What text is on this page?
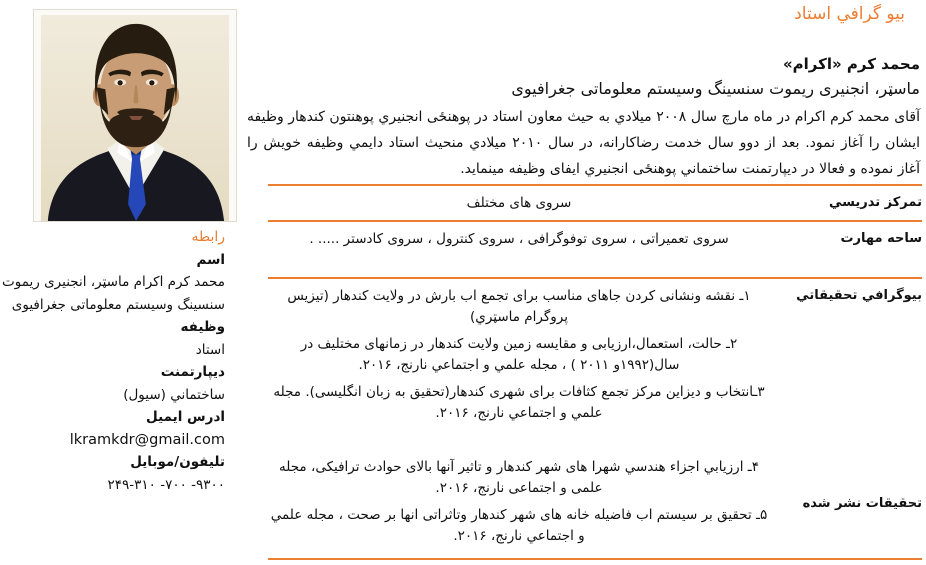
بیو گرافي استاد
محمد کرم «اکرام»
ماسټر، انجنیری ریموت سنسینگ وسیستم معلوماتی جغرافیوی
آقای محمد کرم اکرام در ماه مارچ سال ۲۰۰۸ میلادي به حیث معاون استاد در پوهنځی انجنیري پوهنتون کندهار وظیفه ایشان را آغاز نمود. بعد از دوو سال خدمت رضاکارانه، در سال ۲۰۱۰ میلادي منحیث استاد دایمي وظیفه خویش را آغاز نموده و فعالا در دیپارتمنت ساختماني پوهنځی انجنیري ایفای وظیفه مینماید.
تمرکز تدریسي

سروی های مختلف

ساحه مهارت

سروی تعمیراتی ، سروی توفوگرافی ، سروی کنترول ، سروی کادستر ..... .

بیوگرافي تحقیقاتي

۱ـ نقشه ونشانی کردن جاهای مناسب برای تجمع اب بارش در ولایت کندهار (تیزیس پروگرام ماسټري)

۲ـ حالت، استعمال،ارزیابی و مقایسه زمین ولایت کندهار در زمانهای مختلیف در سال(۱۹۹۲و ۲۰۱۱ ) ، مجله علمي و اجتماعي نارنج، ۲۰۱۶.

۳ـانتخاب و دیزاین مرکز تجمع کثافات برای شهری کندهار(تحقیق به زبان انگلیسی). مجله علمي و اجتماعي نارنج، ۲۰۱۶.

تحقیقات نشر شده

۴ـ ارزیابي اجزاء هندسي شهرا های شهر کندهار و تاثیر آنها بالای حوادث ترافیکی، مجله علمی و اجتماعی نارنج، ۲۰۱۶.

۵ـ تحقیق بر سیستم اب فاضیله خانه های شهر کندهار وتاثراتی انها بر صحت ، مجله علمي و اجتماعي نارنج، ۲۰۱۶.

رابطه
اسم
محمد کرم اکرام ماسټر، انجنیری ریموت سنسینگ وسیستم معلوماتی جغرافیوی
وظیفه
استاد
دیپارتمنت
ساختماني (سیول)
ادرس ایمیل
lkramkdr@gmail.com
تلیفون/موبایل
۲۴۹-۳۱۰ -۷۰۰ -۹۳۰۰
